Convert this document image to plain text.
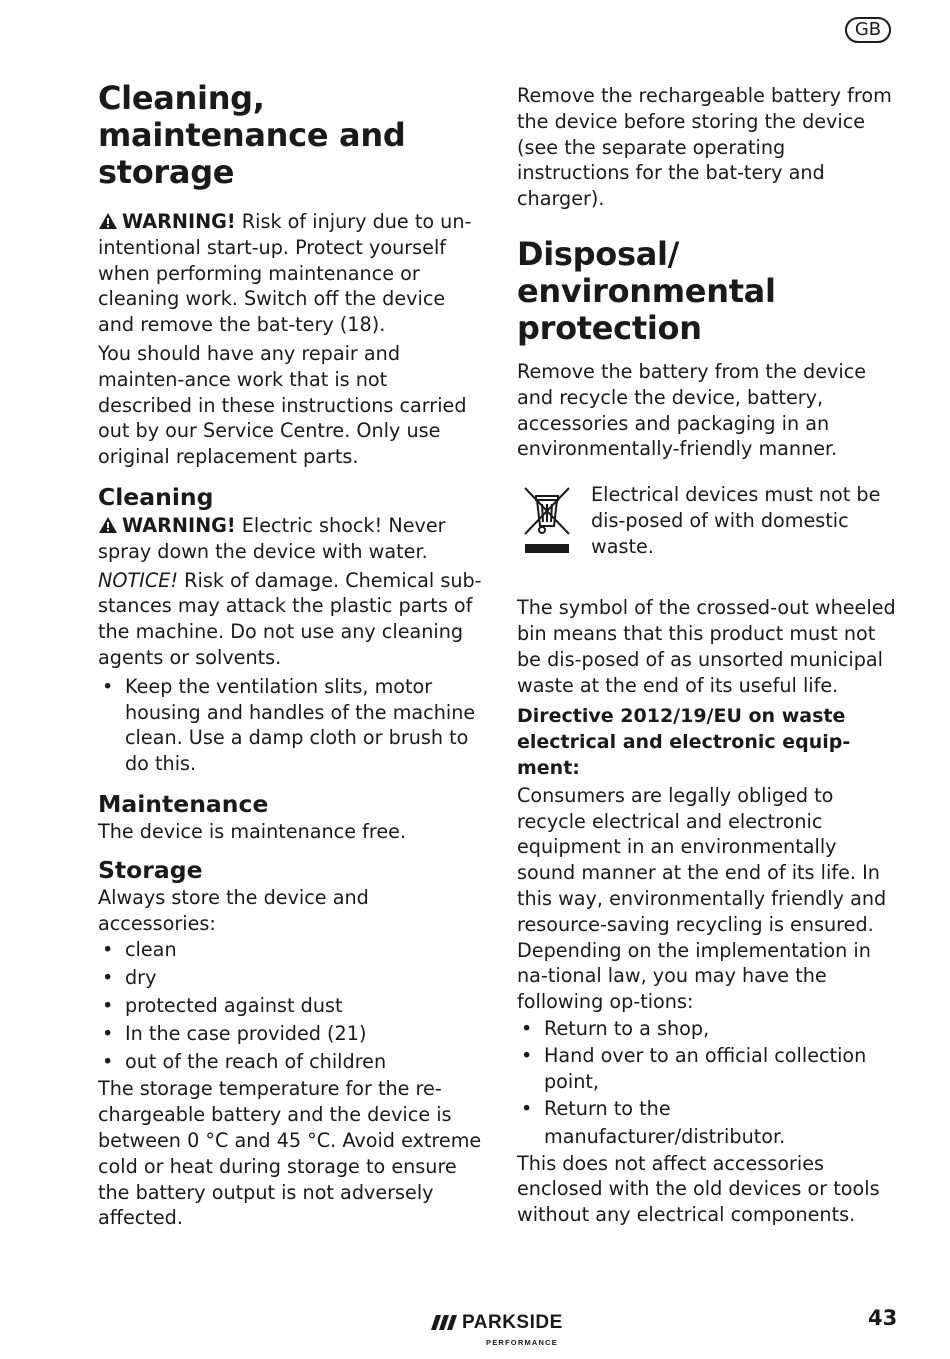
GB
Cleaning, maintenance and storage

WARNING! Risk of injury due to un-intentional start-up. Protect yourself when performing maintenance or cleaning work. Switch off the device and remove the bat-tery (18).

You should have any repair and mainten-ance work that is not described in these instructions carried out by our Service Centre. Only use original replacement parts.

Cleaning

WARNING! Electric shock! Never spray down the device with water.

NOTICE! Risk of damage. Chemical sub-stances may attack the plastic parts of the machine. Do not use any cleaning agents or solvents.

• Keep the ventilation slits, motor housing and handles of the machine clean. Use a damp cloth or brush to do this.
Maintenance

The device is maintenance free.

Storage

Always store the device and accessories:

• clean
• dry
• protected against dust
• In the case provided (21)
• out of the reach of children

The storage temperature for the re-chargeable battery and the device is between 0 °C and 45 °C. Avoid extreme cold or heat during storage to ensure the battery output is not adversely affected.

Remove the rechargeable battery from the device before storing the device (see the separate operating instructions for the bat-tery and charger).

Disposal/ environmental protection

Remove the battery from the device and recycle the device, battery, accessories and packaging in an environmentally-friendly manner.

Electrical devices must not be dis-posed of with domestic waste.

The symbol of the crossed-out wheeled bin means that this product must not be dis-posed of as unsorted municipal waste at the end of its useful life.

Directive 2012/19/EU on waste electrical and electronic equip-ment:

Consumers are legally obliged to recycle electrical and electronic equipment in an environmentally sound manner at the end of its life. In this way, environmentally friendly and resource-saving recycling is ensured.

Depending on the implementation in na-tional law, you may have the following op-tions:

• Return to a shop,
• Hand over to an official collection point,
• Return to the manufacturer/distributor.

This does not affect accessories enclosed with the old devices or tools without any electrical components.

PARKSIDE
PERFORMANCE
43
